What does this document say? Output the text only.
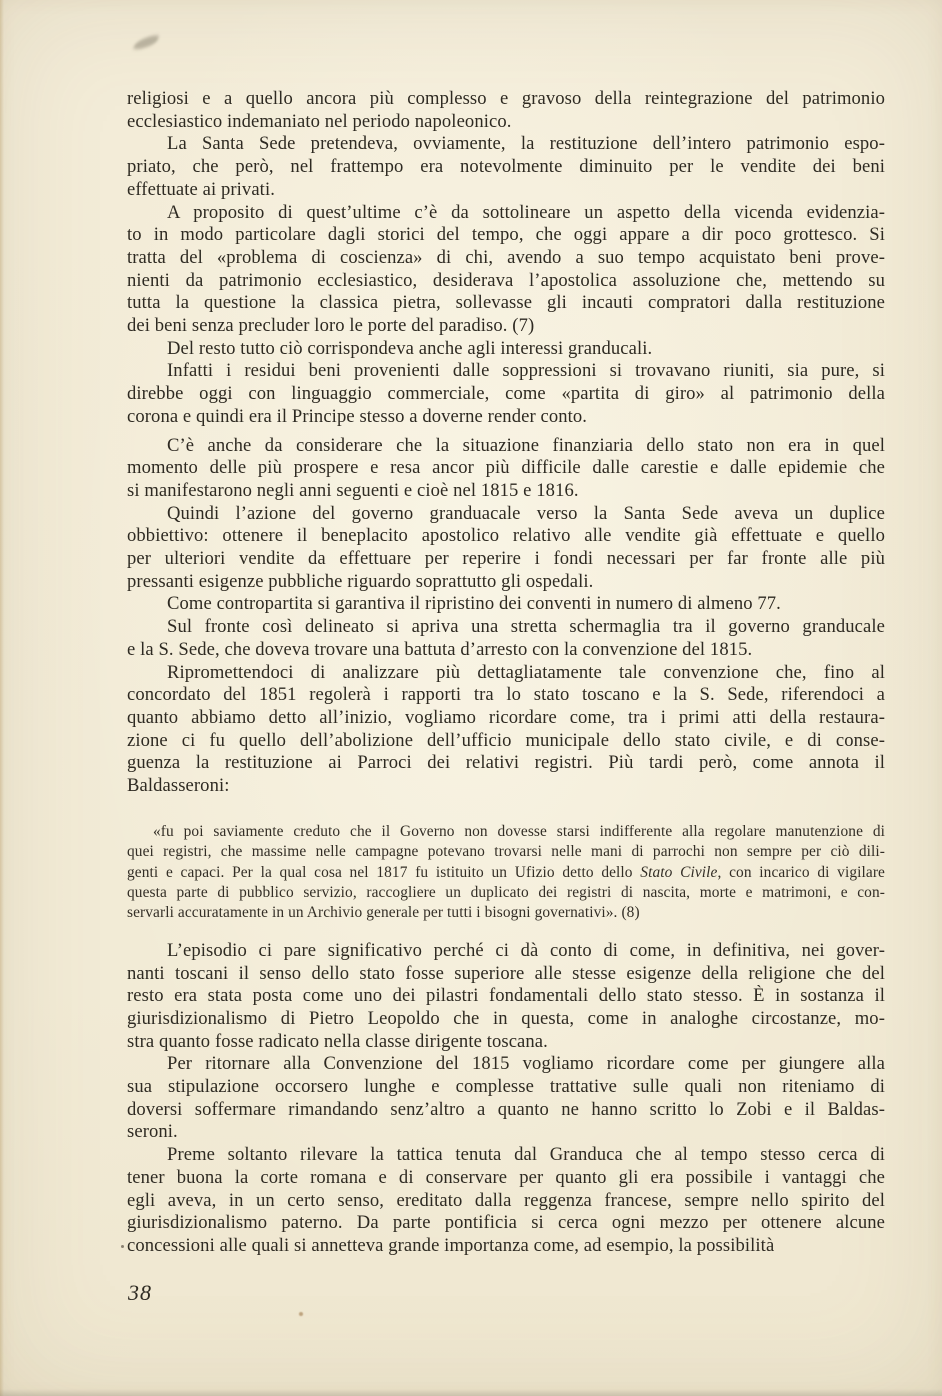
religiosi e a quello ancora più complesso e gravoso della reintegrazione del patrimonio
ecclesiastico indemaniato nel periodo napoleonico.
La Santa Sede pretendeva, ovviamente, la restituzione dell’intero patrimonio espo-
priato, che però, nel frattempo era notevolmente diminuito per le vendite dei beni
effettuate ai privati.
A proposito di quest’ultime c’è da sottolineare un aspetto della vicenda evidenzia-
to in modo particolare dagli storici del tempo, che oggi appare a dir poco grottesco. Si
tratta del «problema di coscienza» di chi, avendo a suo tempo acquistato beni prove-
nienti da patrimonio ecclesiastico, desiderava l’apostolica assoluzione che, mettendo su
tutta la questione la classica pietra, sollevasse gli incauti compratori dalla restituzione
dei beni senza precluder loro le porte del paradiso. (7)
Del resto tutto ciò corrispondeva anche agli interessi granducali.
Infatti i residui beni provenienti dalle soppressioni si trovavano riuniti, sia pure, si
direbbe oggi con linguaggio commerciale, come «partita di giro» al patrimonio della
corona e quindi era il Principe stesso a doverne render conto.
C’è anche da considerare che la situazione finanziaria dello stato non era in quel
momento delle più prospere e resa ancor più difficile dalle carestie e dalle epidemie che
si manifestarono negli anni seguenti e cioè nel 1815 e 1816.
Quindi l’azione del governo granduacale verso la Santa Sede aveva un duplice
obbiettivo: ottenere il beneplacito apostolico relativo alle vendite già effettuate e quello
per ulteriori vendite da effettuare per reperire i fondi necessari per far fronte alle più
pressanti esigenze pubbliche riguardo soprattutto gli ospedali.
Come contropartita si garantiva il ripristino dei conventi in numero di almeno 77.
Sul fronte così delineato si apriva una stretta schermaglia tra il governo granducale
e la S. Sede, che doveva trovare una battuta d’arresto con la convenzione del 1815.
Ripromettendoci di analizzare più dettagliatamente tale convenzione che, fino al
concordato del 1851 regolerà i rapporti tra lo stato toscano e la S. Sede, riferendoci a
quanto abbiamo detto all’inizio, vogliamo ricordare come, tra i primi atti della restaura-
zione ci fu quello dell’abolizione dell’ufficio municipale dello stato civile, e di conse-
guenza la restituzione ai Parroci dei relativi registri. Più tardi però, come annota il
Baldasseroni:
«fu poi saviamente creduto che il Governo non dovesse starsi indifferente alla regolare manutenzione di
quei registri, che massime nelle campagne potevano trovarsi nelle mani di parrochi non sempre per ciò dili-
genti e capaci. Per la qual cosa nel 1817 fu istituito un Ufizio detto dello Stato Civile, con incarico di vigilare
questa parte di pubblico servizio, raccogliere un duplicato dei registri di nascita, morte e matrimoni, e con-
servarli accuratamente in un Archivio generale per tutti i bisogni governativi». (8)
L’episodio ci pare significativo perché ci dà conto di come, in definitiva, nei gover-
nanti toscani il senso dello stato fosse superiore alle stesse esigenze della religione che del
resto era stata posta come uno dei pilastri fondamentali dello stato stesso. È in sostanza il
giurisdizionalismo di Pietro Leopoldo che in questa, come in analoghe circostanze, mo-
stra quanto fosse radicato nella classe dirigente toscana.
Per ritornare alla Convenzione del 1815 vogliamo ricordare come per giungere alla
sua stipulazione occorsero lunghe e complesse trattative sulle quali non riteniamo di
doversi soffermare rimandando senz’altro a quanto ne hanno scritto lo Zobi e il Baldas-
seroni.
Preme soltanto rilevare la tattica tenuta dal Granduca che al tempo stesso cerca di
tener buona la corte romana e di conservare per quanto gli era possibile i vantaggi che
egli aveva, in un certo senso, ereditato dalla reggenza francese, sempre nello spirito del
giurisdizionalismo paterno. Da parte pontificia si cerca ogni mezzo per ottenere alcune
concessioni alle quali si annetteva grande importanza come, ad esempio, la possibilità
38
